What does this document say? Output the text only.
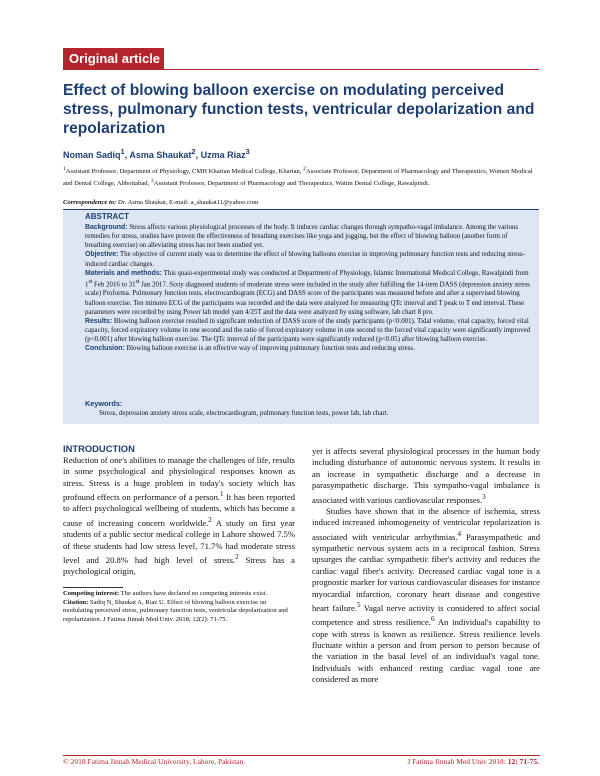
Original article
Effect of blowing balloon exercise on modulating perceived stress, pulmonary function tests, ventricular depolarization and repolarization
Noman Sadiq$^1$, Asma Shaukat$^2$, Uzma Riaz$^3$
$^1$Assistant Professor, Department of Physiology, CMH Kharian Medical College, Kharian, $^2$Associate Professor, Department of Pharmacology and Therapeutics, Women Medical and Dental College, Abbottabad, $^3$Assistant Professor, Department of Pharmacology and Therapeutics, Watim Dental College, Rawalpindi.
Correspondence to: Dr. Asma Shaukat, E-mail: a_shaukat11@yahoo.com
ABSTRACT

Background: Stress affects various physiological processes of the body. It induces cardiac changes through sympatho-vagal imbalance. Among the various remedies for stress, studies have proven the effectiveness of breathing exercises like yoga and jogging, but the effect of blowing balloon (another form of breathing exercise) on alleviating stress has not been studied yet.

Objective: The objective of current study was to determine the effect of blowing balloons exercise in improving pulmonary function tests and reducing stress-induced cardiac changes.

Materials and methods: This quasi-experimental study was conducted at Department of Physiology, Islamic International Medical College, Rawalpindi from 1st Feb 2016 to 31st Jan 2017. Sixty diagnosed students of moderate stress were included in the study after fulfilling the 14-item DASS (depression anxiety stress scale) Proforma. Pulmonary function tests, electrocardiogram (ECG) and DASS score of the participants was measured before and after a supervised blowing balloon exercise. Ten minutes ECG of the participants was recorded and the data were analyzed for measuring QTc interval and T peak to T end interval. These parameters were recorded by using Power lab model yam 4/25T and the data were analyzed by using software, lab chart 8 pro.

Results: Blowing balloon exercise resulted in significant reduction of DASS score of the study participants (p<0.001). Tidal volume, vital capacity, forced vital capacity, forced expiratory volume in one second and the ratio of forced expiratory volume in one second to the forced vital capacity were significantly improved (p<0.001) after blowing balloon exercise. The QTc interval of the participants were significantly reduced (p<0.05) after blowing balloon exercise.

Conclusion: Blowing balloon exercise is an effective way of improving pulmonary function tests and reducing stress.

Keywords:
Stress, depression anxiety stress scale, electrocardiogram, pulmonary function tests, power lab, lab chart.
INTRODUCTION

Reduction of one's abilities to manage the challenges of life, results in some psychological and physiological responses known as stress. Stress is a huge problem in today's society which has profound effects on performance of a person.$^1$ It has been reported to affect psychological wellbeing of students, which has become a cause of increasing concern worldwide.$^2$ A study on first year students of a public sector medical college in Lahore showed 7.5% of these students had low stress level, 71.7% had moderate stress level and 20.8% had high level of stress.$^2$ Stress has a psychological origin,

yet it affects several physiological processes in the human body including disturbance of autonomic nervous system. It results in an increase in sympathetic discharge and a decrease in parasympathetic discharge. This sympatho-vagal imbalance is associated with various cardiovascular responses.$^3$

Studies have shown that in the absence of ischemia, stress induced increased inhomogeneity of ventricular repolarization is associated with ventricular arrhythmias.$^4$ Parasympathetic and sympathetic nervous system acts in a reciprocal fashion. Stress upsurges the cardiac sympathetic fiber's activity and reduces the cardiac vagal fiber's activity. Decreased cardiac vagal tone is a prognostic marker for various cardiovascular diseases for instance myocardial infarction, coronary heart disease and congestive heart failure.$^5$ Vagal nerve activity is considered to affect social competence and stress resilience.$^6$ An individual's capability to cope with stress is known as resilience. Stress resilience levels fluctuate within a person and from person to person because of the variation in the basal level of an individual's vagal tone. Individuals with enhanced resting cardiac vagal tone are considered as more

Competing interest: The authors have declared no competing interests exist.

Citation: Sadiq N, Shaukat A, Riaz U. Effect of blowing balloon exercise on modulating perceived stress, pulmonary function tests, ventricular depolarization and repolarization. J Fatima Jinnah Med Univ. 2018; 12(2): 71-75.

© 2018 Fatima Jinnah Medical University, Lahore, Pakistan.	J Fatima Jinnah Med Univ 2018: 12: 71-75.
